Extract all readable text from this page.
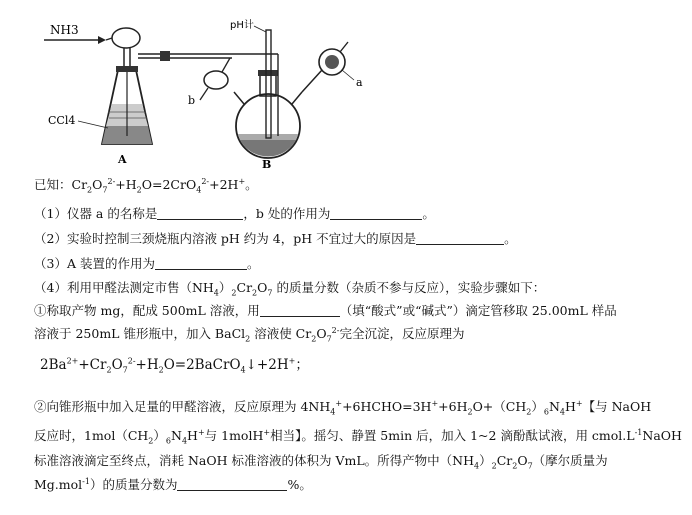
NH3
CCl4
A
b
pH计
a
B
已知：$Cr_2O_7^{2-}+H_2O=2CrO_4^{2-}+2H^+$。
（1）仪器 a 的名称是	，b 处的作用为	。
（2）实验时控制三颈烧瓶内溶液 pH 约为 4，pH 不宜过大的原因是	。
（3）A 装置的作用为	。
（4）利用甲醛法测定市售$(NH_4)_2Cr_2O_7$ 的质量分数（杂质不参与反应），实验步骤如下：
①称取产物 mg，配成 500mL 溶液，用	（填“酸式”或“碱式”）滴定管移取 25.00mL 样品
溶液于 250mL 锥形瓶中，加入 BaCl$_2$ 溶液使 $Cr_2O_7^{2-}$完全沉淀，反应原理为
$2Ba^{2+}+Cr_2O_7^{2-}+H_2O=2BaCrO_4↓+2H^+$；
②向锥形瓶中加入足量的甲醛溶液，反应原理为 $4NH_4^++6HCHO=3H^++6H_2O+(CH_2)_6N_4H^+$【与 NaOH
反应时，$1mol(CH_2)_6N_4H^+$与 1molH+相当】。摇匀、静置 5min 后，加入 1~2 滴酚酞试液，用 $cmol.L^{-1}NaOH$
标准溶液滴定至终点，消耗 NaOH 标准溶液的体积为 VmL。所得产物中$(NH_4)_2Cr_2O_7$（摩尔质量为
Mg.mol$^{-1}$）的质量分数为	%。
